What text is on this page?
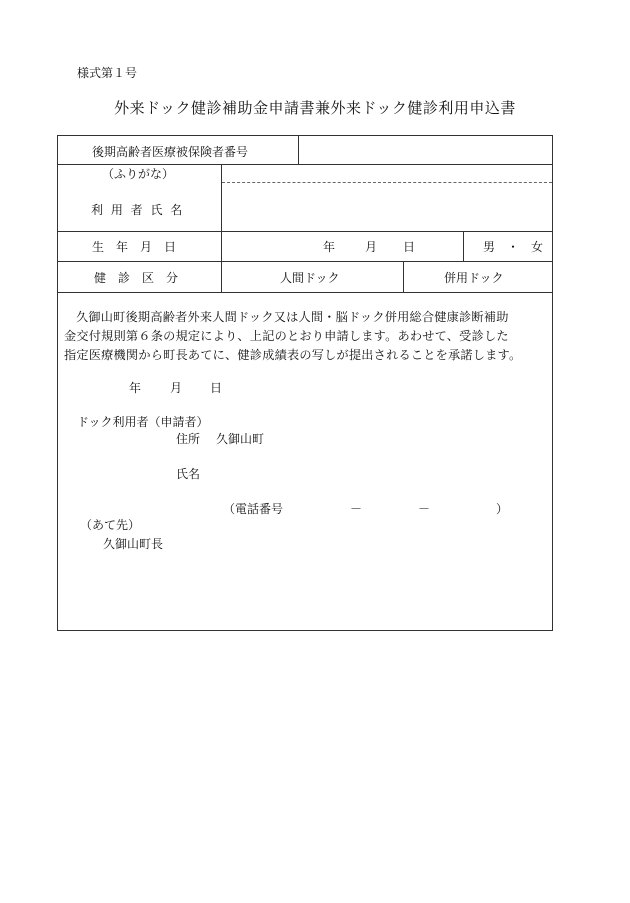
様式第１号
外来ドック健診補助金申請書兼外来ドック健診利用申込書
後期高齢者医療被保険者番号
（ふりがな）
利 用 者 氏 名
生　年　月　日	年 月 日	男　・　女
健　診　区　分	人間ドック	併用ドック
久御山町後期高齢者外来人間ドック又は人間・脳ドック併用総合健康診断補助
金交付規則第６条の規定により、上記のとおり申請します。あわせて、受診した
指定医療機関から町長あてに、健診成績表の写しが提出されることを承諾します。
年 月 日
ドック利用者（申請者）
住所 久御山町
氏名
（電話番号	－	－	）
（あて先）
久御山町長
